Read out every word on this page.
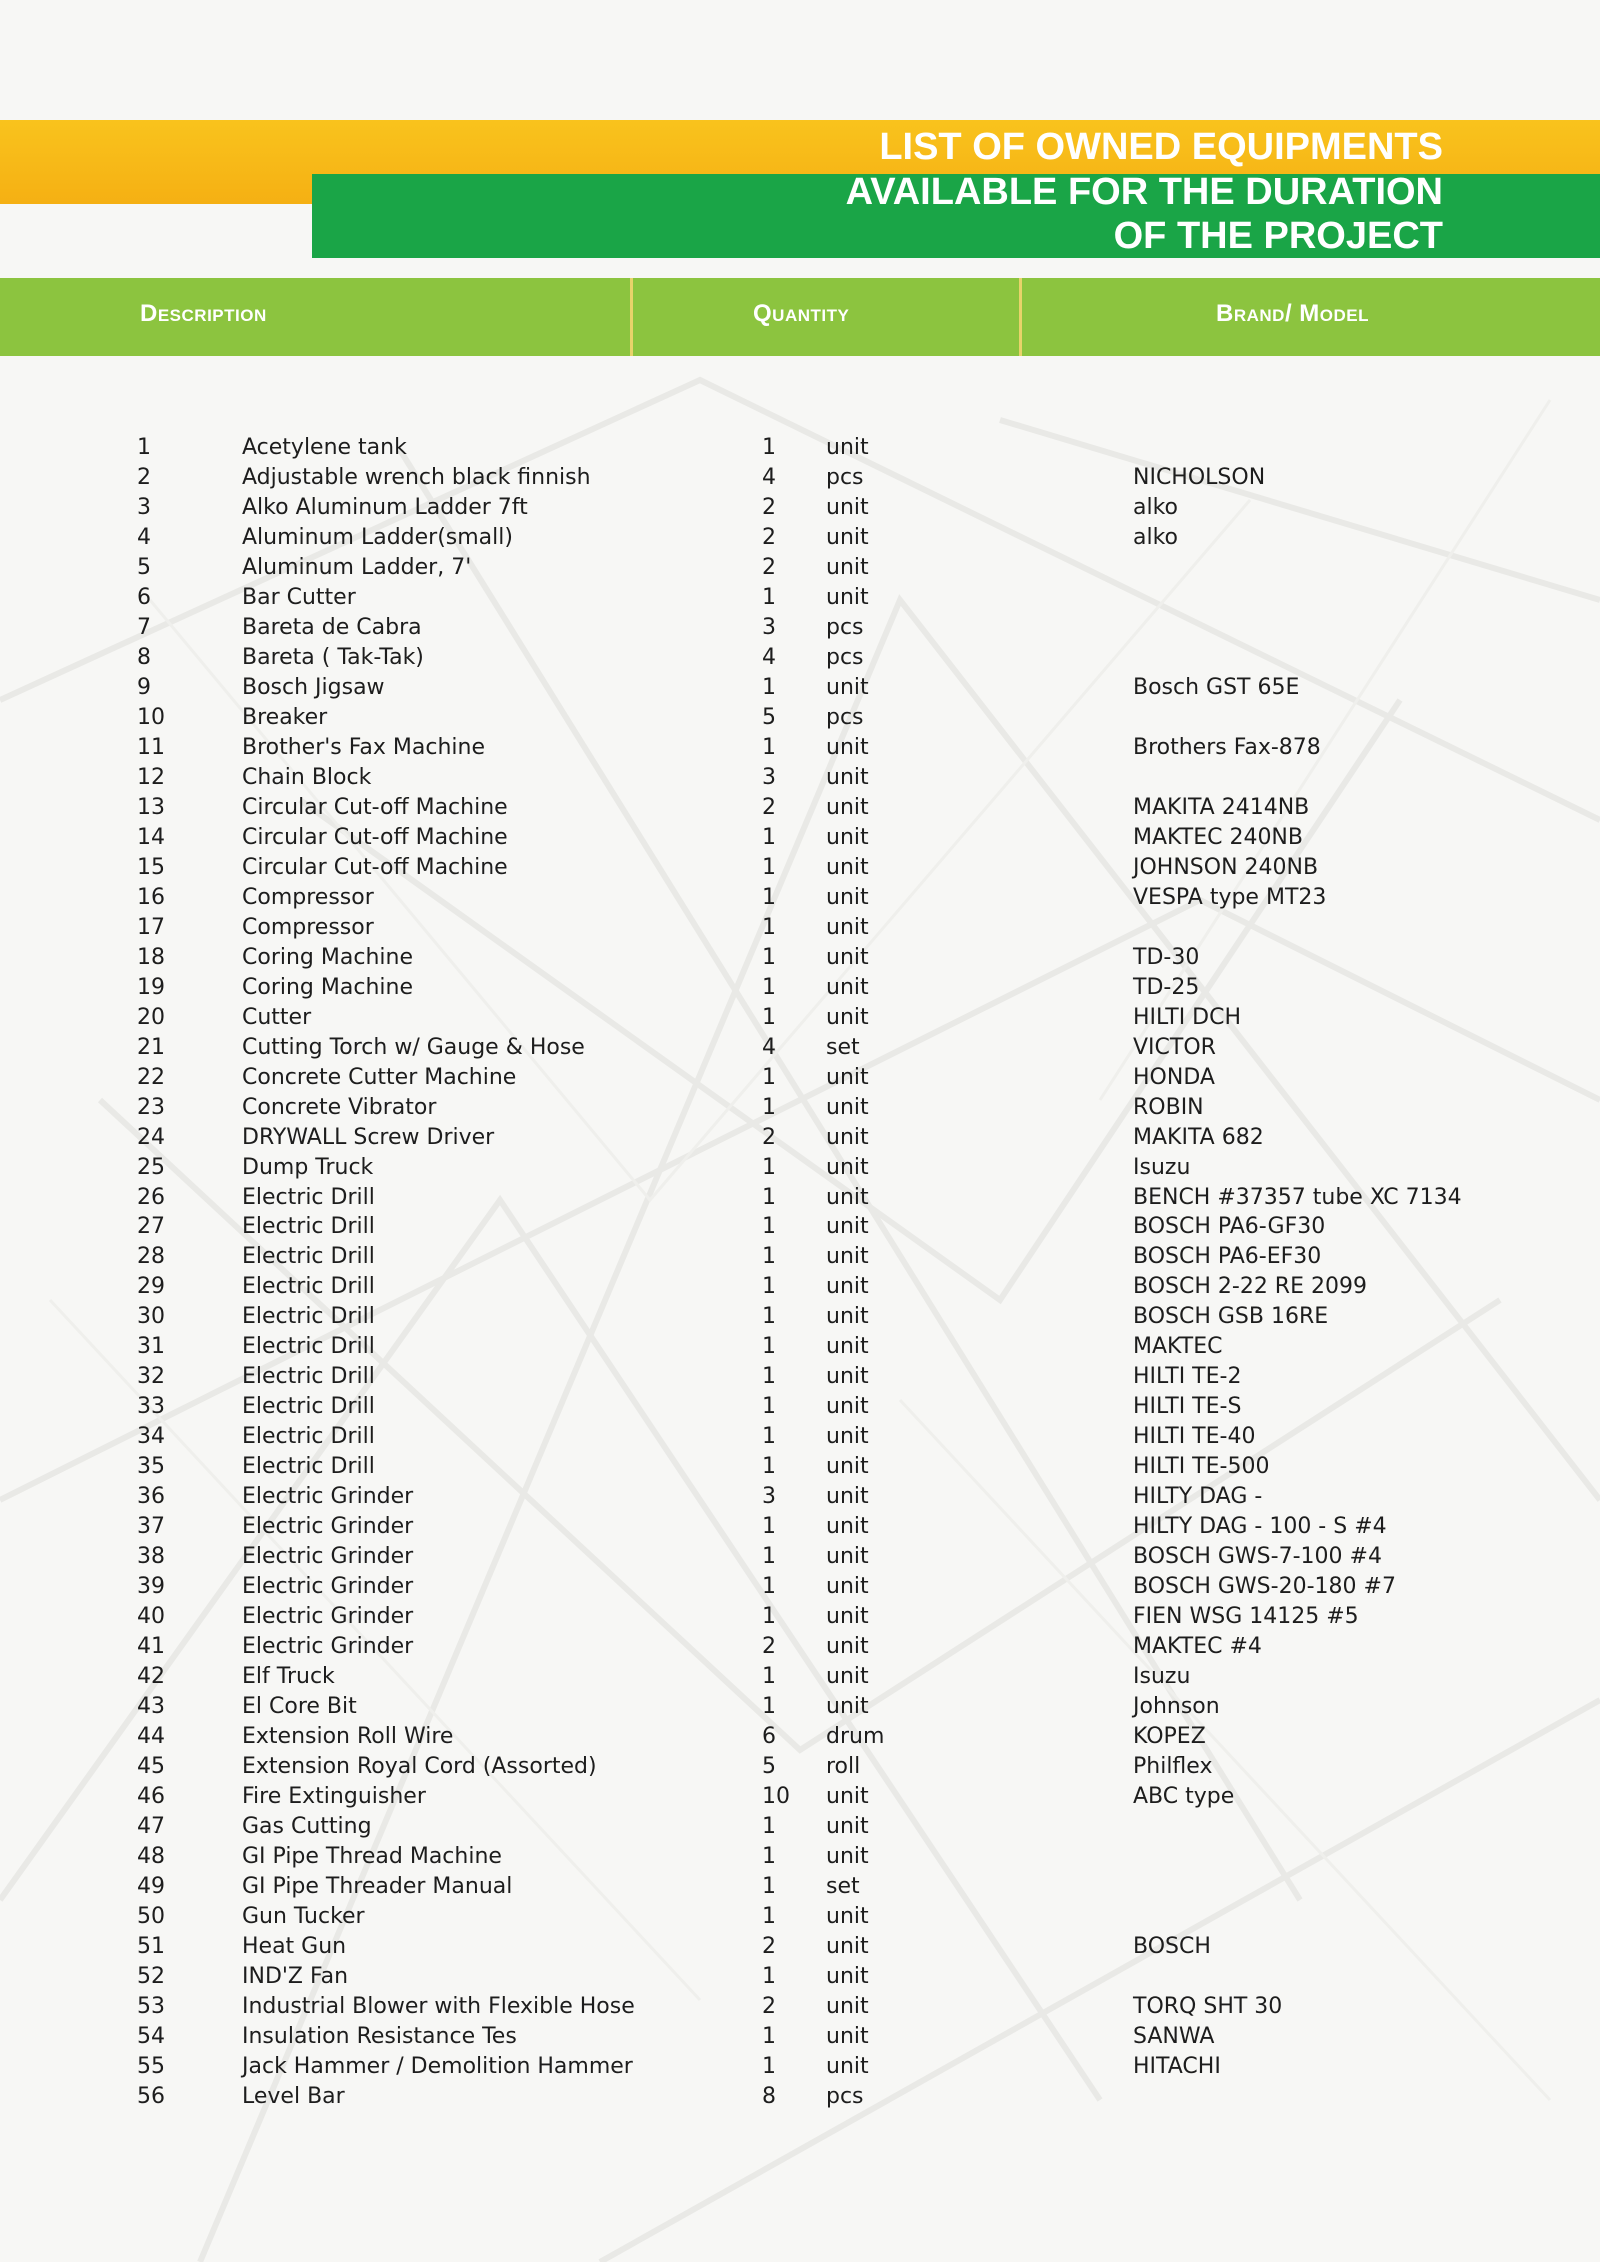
LIST OF OWNED EQUIPMENTS
AVAILABLE FOR THE DURATION
OF THE PROJECT
Description	Quantity	Brand/ Model
1	Acetylene tank	1 unit
2	Adjustable wrench black finnish	4 pcs	NICHOLSON
3	Alko Aluminum Ladder 7ft	2 unit	alko
4	Aluminum Ladder(small)	2 unit	alko
5	Aluminum Ladder, 7'	2 unit
6	Bar Cutter	1 unit
7	Bareta de Cabra	3 pcs
8	Bareta ( Tak-Tak)	4 pcs
9	Bosch Jigsaw	1 unit	Bosch GST 65E
10	Breaker	5 pcs
11	Brother's Fax Machine	1 unit	Brothers Fax-878
12	Chain Block	3 unit
13	Circular Cut-off Machine	2 unit	MAKITA 2414NB
14	Circular Cut-off Machine	1 unit	MAKTEC 240NB
15	Circular Cut-off Machine	1 unit	JOHNSON 240NB
16	Compressor	1 unit	VESPA type MT23
17	Compressor	1 unit
18	Coring Machine	1 unit	TD-30
19	Coring Machine	1 unit	TD-25
20	Cutter	1 unit	HILTI DCH
21	Cutting Torch w/ Gauge & Hose	4 set	VICTOR
22	Concrete Cutter Machine	1 unit	HONDA
23	Concrete Vibrator	1 unit	ROBIN
24	DRYWALL Screw Driver	2 unit	MAKITA 682
25	Dump Truck	1 unit	Isuzu
26	Electric Drill	1 unit	BENCH #37357 tube XC 7134
27	Electric Drill	1 unit	BOSCH PA6-GF30
28	Electric Drill	1 unit	BOSCH PA6-EF30
29	Electric Drill	1 unit	BOSCH 2-22 RE 2099
30	Electric Drill	1 unit	BOSCH GSB 16RE
31	Electric Drill	1 unit	MAKTEC
32	Electric Drill	1 unit	HILTI TE-2
33	Electric Drill	1 unit	HILTI TE-S
34	Electric Drill	1 unit	HILTI TE-40
35	Electric Drill	1 unit	HILTI TE-500
36	Electric Grinder	3 unit	HILTY DAG -
37	Electric Grinder	1 unit	HILTY DAG - 100 - S #4
38	Electric Grinder	1 unit	BOSCH GWS-7-100 #4
39	Electric Grinder	1 unit	BOSCH GWS-20-180 #7
40	Electric Grinder	1 unit	FIEN WSG 14125 #5
41	Electric Grinder	2 unit	MAKTEC #4
42	Elf Truck	1 unit	Isuzu
43	El Core Bit	1 unit	Johnson
44	Extension Roll Wire	6 drum	KOPEZ
45	Extension Royal Cord (Assorted)	5 roll	Philflex
46	Fire Extinguisher	10 unit	ABC type
47	Gas Cutting	1 unit
48	GI Pipe Thread Machine	1 unit
49	GI Pipe Threader Manual	1 set
50	Gun Tucker	1 unit
51	Heat Gun	2 unit	BOSCH
52	IND'Z Fan	1 unit
53	Industrial Blower with Flexible Hose	2 unit	TORQ SHT 30
54	Insulation Resistance Tes	1 unit	SANWA
55	Jack Hammer / Demolition Hammer	1 unit	HITACHI
56	Level Bar	8 pcs
